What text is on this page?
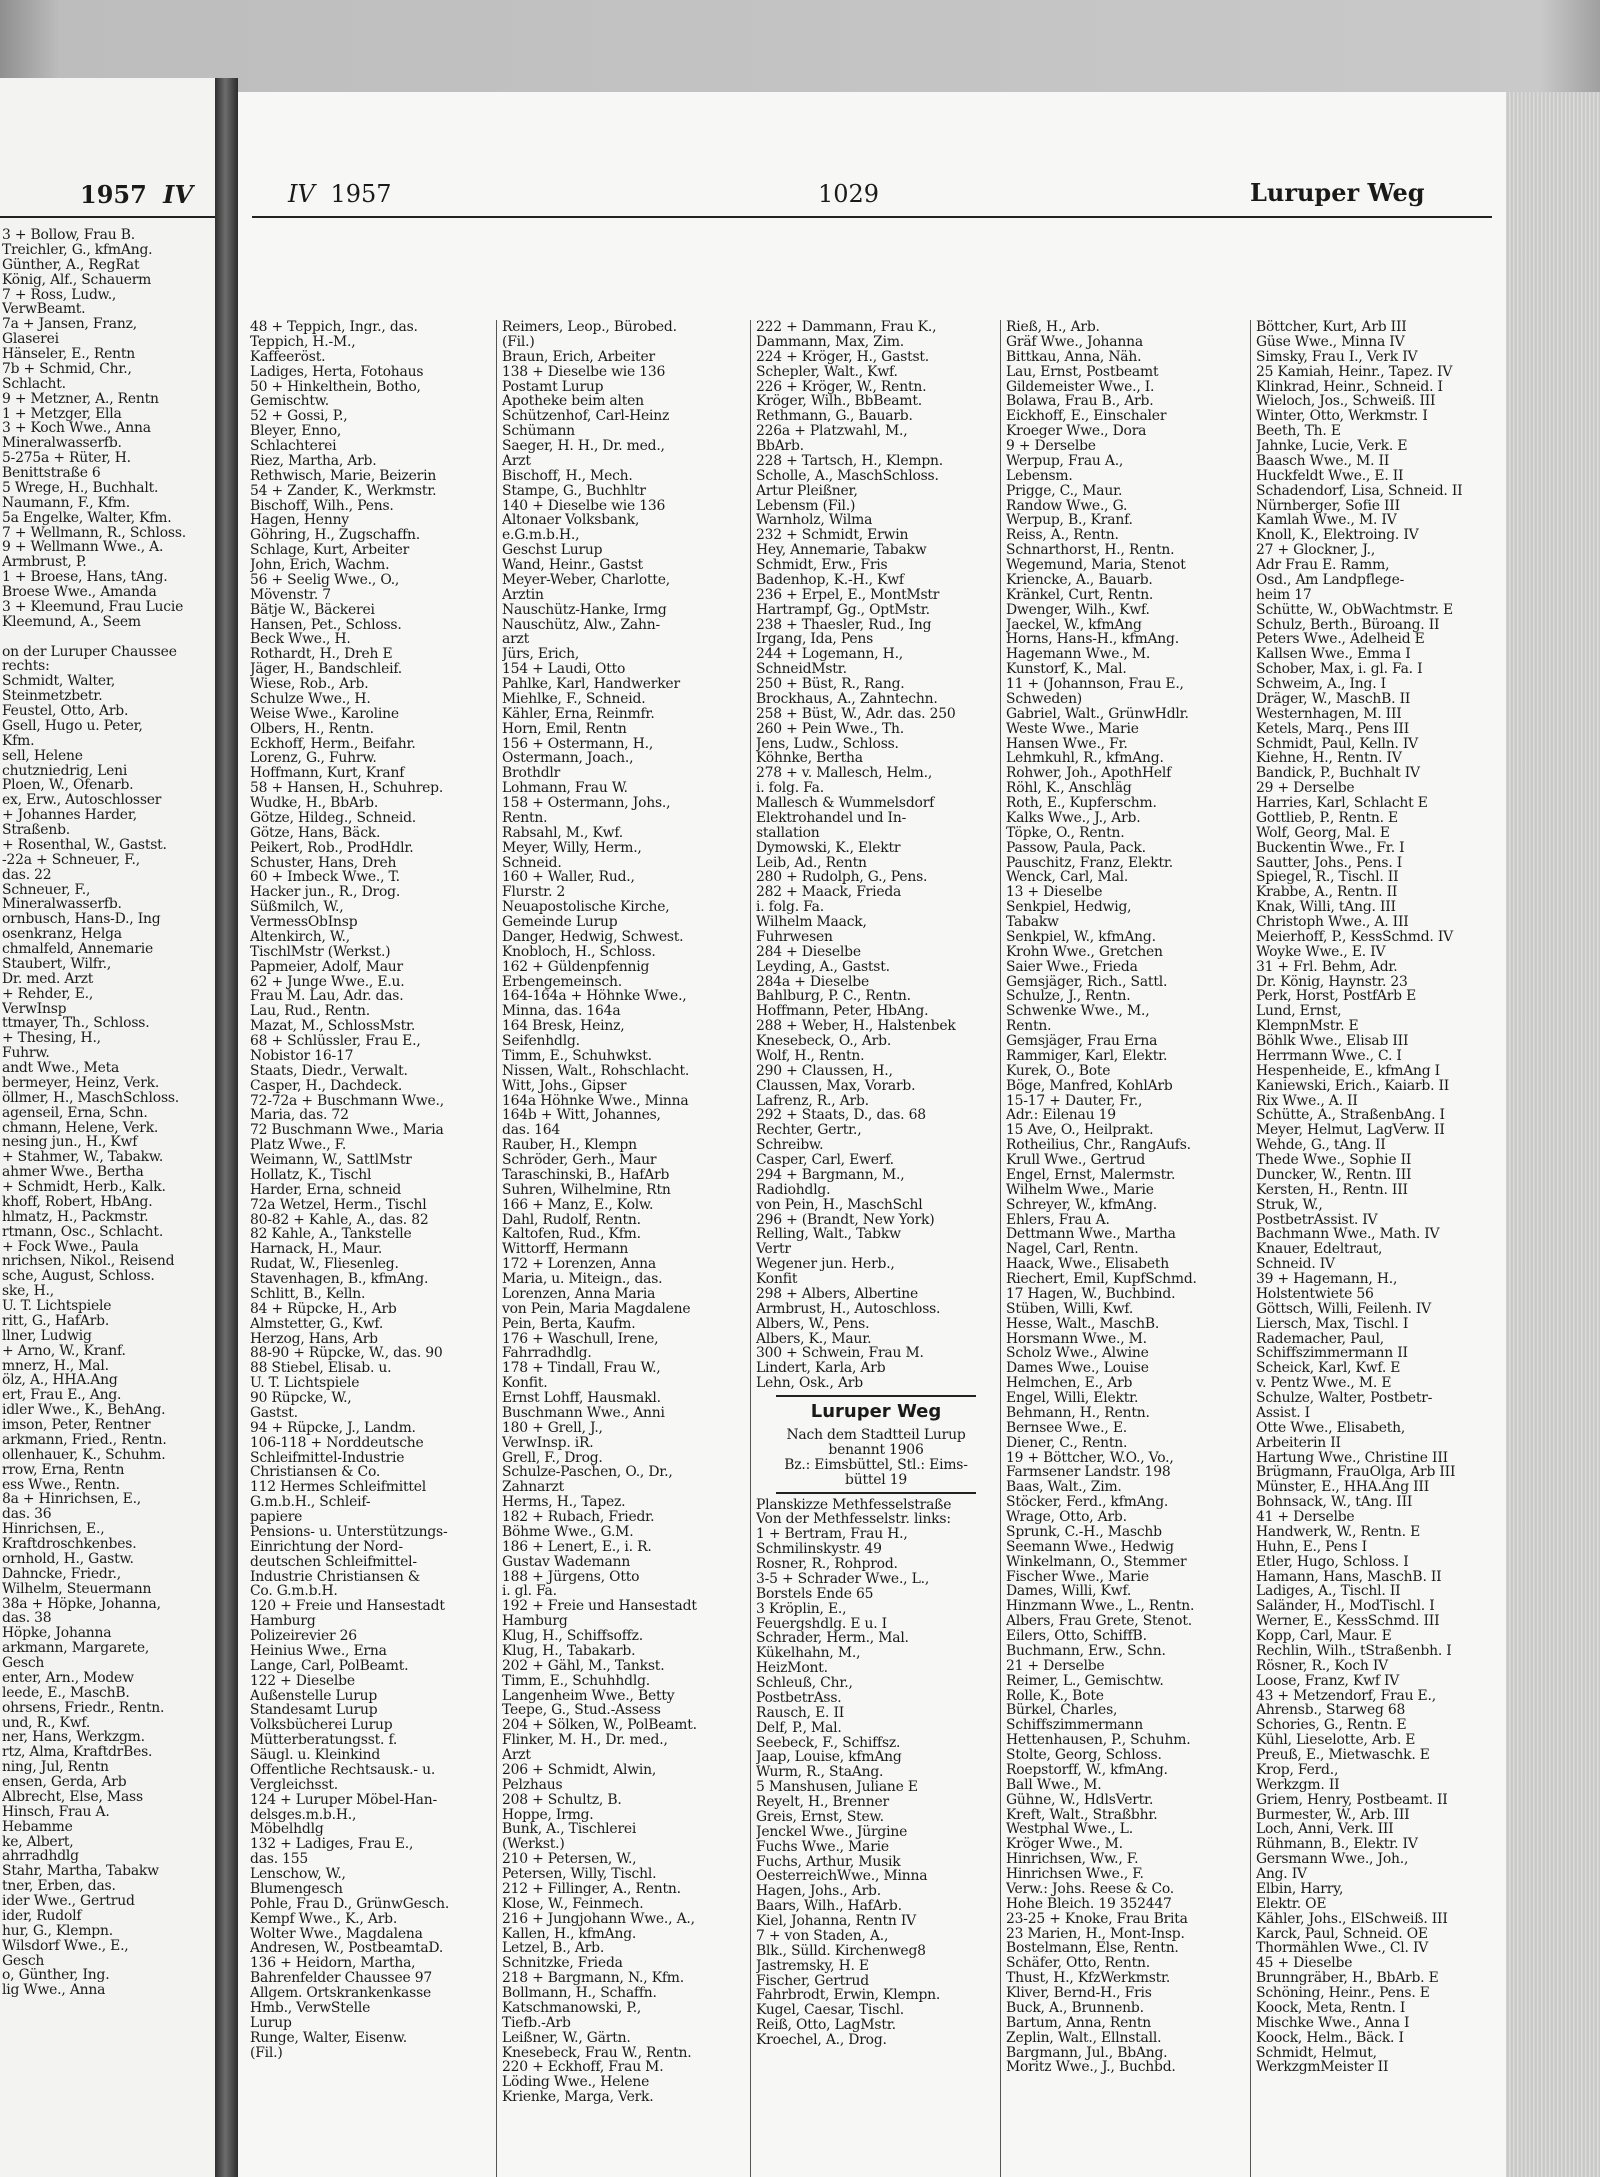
1957 IV
3 + Bollow, Frau B.
Treichler, G., kfmAng.
Günther, A., RegRat
König, Alf., Schauerm
7 + Ross, Ludw.,
VerwBeamt.
7a + Jansen, Franz,
Glaserei
Hänseler, E., Rentn
7b + Schmid, Chr.,
Schlacht.
9 + Metzner, A., Rentn
1 + Metzger, Ella
3 + Koch Wwe., Anna
Mineralwasserfb.
5-275a + Rüter, H.
Benittstraße 6
5 Wrege, H., Buchhalt.
Naumann, F., Kfm.
5a Engelke, Walter, Kfm.
7 + Wellmann, R., Schloss.
9 + Wellmann Wwe., A.
Armbrust, P.
1 + Broese, Hans, tAng.
Broese Wwe., Amanda
3 + Kleemund, Frau Lucie
Kleemund, A., Seem
on der Luruper Chaussee
rechts:
Schmidt, Walter,
Steinmetzbetr.
Feustel, Otto, Arb.
Gsell, Hugo u. Peter,
Kfm.
sell, Helene
chutzniedrig, Leni
Ploen, W., Ofenarb.
ex, Erw., Autoschlosser
+ Johannes Harder,
Straßenb.
+ Rosenthal, W., Gastst.
-22a + Schneuer, F.,
das. 22
Schneuer, F.,
Mineralwasserfb.
ornbusch, Hans-D., Ing
osenkranz, Helga
chmalfeld, Annemarie
Staubert, Wilfr.,
Dr. med. Arzt
+ Rehder, E.,
VerwInsp
ttmayer, Th., Schloss.
+ Thesing, H.,
Fuhrw.
andt Wwe., Meta
bermeyer, Heinz, Verk.
öllmer, H., MaschSchloss.
agenseil, Erna, Schn.
chmann, Helene, Verk.
nesing jun., H., Kwf
+ Stahmer, W., Tabakw.
ahmer Wwe., Bertha
+ Schmidt, Herb., Kalk.
khoff, Robert, HbAng.
hlmatz, H., Packmstr.
rtmann, Osc., Schlacht.
+ Fock Wwe., Paula
nrichsen, Nikol., Reisend
sche, August, Schloss.
ske, H.,
U. T. Lichtspiele
ritt, G., HafArb.
llner, Ludwig
+ Arno, W., Kranf.
mnerz, H., Mal.
ölz, A., HHA.Ang
ert, Frau E., Ang.
idler Wwe., K., BehAng.
imson, Peter, Rentner
arkmann, Fried., Rentn.
ollenhauer, K., Schuhm.
rrow, Erna, Rentn
ess Wwe., Rentn.
8a + Hinrichsen, E.,
das. 36
Hinrichsen, E.,
Kraftdroschkenbes.
ornhold, H., Gastw.
Dahncke, Friedr.,
Wilhelm, Steuermann
38a + Höpke, Johanna,
das. 38
Höpke, Johanna
arkmann, Margarete,
Gesch
enter, Arn., Modew
leede, E., MaschB.
ohrsens, Friedr., Rentn.
und, R., Kwf.
ner, Hans, Werkzgm.
rtz, Alma, KraftdrBes.
ning, Jul, Rentn
ensen, Gerda, Arb
Albrecht, Else, Mass
Hinsch, Frau A.
Hebamme
ke, Albert,
ahrradhdlg
Stahr, Martha, Tabakw
tner, Erben, das.
ider Wwe., Gertrud
ider, Rudolf
hur, G., Klempn.
Wilsdorf Wwe., E.,
Gesch
o, Günther, Ing.
lig Wwe., Anna
IV 1957	1029	Luruper Weg
48 + Teppich, Ingr., das.
Teppich, H.-M.,
Kaffeeröst.
Ladiges, Herta, Fotohaus
50 + Hinkelthein, Botho,
Gemischtw.
52 + Gossi, P.,
Bleyer, Enno,
Schlachterei
Riez, Martha, Arb.
Rethwisch, Marie, Beizerin
54 + Zander, K., Werkmstr.
Bischoff, Wilh., Pens.
Hagen, Henny
Göhring, H., Zugschaffn.
Schlage, Kurt, Arbeiter
John, Erich, Wachm.
56 + Seelig Wwe., O.,
Mövenstr. 7
Bätje W., Bäckerei
Hansen, Pet., Schloss.
Beck Wwe., H.
Rothardt, H., Dreh E
Jäger, H., Bandschleif.
Wiese, Rob., Arb.
Schulze Wwe., H.
Weise Wwe., Karoline
Olbers, H., Rentn.
Eckhoff, Herm., Beifahr.
Lorenz, G., Fuhrw.
Hoffmann, Kurt, Kranf
58 + Hansen, H., Schuhrep.
Wudke, H., BbArb.
Götze, Hildeg., Schneid.
Götze, Hans, Bäck.
Peikert, Rob., ProdHdlr.
Schuster, Hans, Dreh
60 + Imbeck Wwe., T.
Hacker jun., R., Drog.
Süßmilch, W.,
VermessObInsp
Altenkirch, W.,
TischlMstr (Werkst.)
Papmeier, Adolf, Maur
62 + Junge Wwe., E.u.
Frau M. Lau, Adr. das.
Lau, Rud., Rentn.
Mazat, M., SchlossMstr.
68 + Schlüssler, Frau E.,
Nobistor 16-17
Staats, Diedr., Verwalt.
Casper, H., Dachdeck.
72-72a + Buschmann Wwe.,
Maria, das. 72
72 Buschmann Wwe., Maria
Platz Wwe., F.
Weimann, W., SattlMstr
Hollatz, K., Tischl
Harder, Erna, schneid
72a Wetzel, Herm., Tischl
80-82 + Kahle, A., das. 82
82 Kahle, A., Tankstelle
Harnack, H., Maur.
Rudat, W., Fliesenleg.
Stavenhagen, B., kfmAng.
Schlitt, B., Kelln.
84 + Rüpcke, H., Arb
Almstetter, G., Kwf.
Herzog, Hans, Arb
88-90 + Rüpcke, W., das. 90
88 Stiebel, Elisab. u.
U. T. Lichtspiele
90 Rüpcke, W.,
Gastst.
94 + Rüpcke, J., Landm.
106-118 + Norddeutsche
Schleifmittel-Industrie
Christiansen & Co.
112 Hermes Schleifmittel
G.m.b.H., Schleif-
papiere
Pensions- u. Unterstützungs-
Einrichtung der Nord-
deutschen Schleifmittel-
Industrie Christiansen &
Co. G.m.b.H.
120 + Freie und Hansestadt
Hamburg
Polizeirevier 26
Heinius Wwe., Erna
Lange, Carl, PolBeamt.
122 + Dieselbe
Außenstelle Lurup
Standesamt Lurup
Volksbücherei Lurup
Mütterberatungsst. f.
Säugl. u. Kleinkind
Öffentliche Rechtsausk.- u.
Vergleichsst.
124 + Luruper Möbel-Han-
delsges.m.b.H.,
Möbelhdlg
132 + Ladiges, Frau E.,
das. 155
Lenschow, W.,
Blumengesch
Pohle, Frau D., GrünwGesch.
Kempf Wwe., K., Arb.
Wolter Wwe., Magdalena
Andresen, W., PostbeamtaD.
136 + Heidorn, Martha,
Bahrenfelder Chaussee 97
Allgem. Ortskrankenkasse
Hmb., VerwStelle
Lurup
Runge, Walter, Eisenw.
(Fil.)
Reimers, Leop., Bürobed.
(Fil.)
Braun, Erich, Arbeiter
138 + Dieselbe wie 136
Postamt Lurup
Apotheke beim alten
Schützenhof, Carl-Heinz
Schümann
Saeger, H. H., Dr. med.,
Arzt
Bischoff, H., Mech.
Stampe, G., Buchhltr
140 + Dieselbe wie 136
Altonaer Volksbank,
e.G.m.b.H.,
Geschst Lurup
Wand, Heinr., Gastst
Meyer-Weber, Charlotte,
Arztin
Nauschütz-Hanke, Irmg
Nauschütz, Alw., Zahn-
arzt
Jürs, Erich,
154 + Laudi, Otto
Pahlke, Karl, Handwerker
Miehlke, F., Schneid.
Kähler, Erna, Reinmfr.
Horn, Emil, Rentn
156 + Ostermann, H.,
Ostermann, Joach.,
Brothdlr
Lohmann, Frau W.
158 + Ostermann, Johs.,
Rentn.
Rabsahl, M., Kwf.
Meyer, Willy, Herm.,
Schneid.
160 + Waller, Rud.,
Flurstr. 2
Neuapostolische Kirche,
Gemeinde Lurup
Danger, Hedwig, Schwest.
Knobloch, H., Schloss.
162 + Güldenpfennig
Erbengemeinsch.
164-164a + Höhnke Wwe.,
Minna, das. 164a
164 Bresk, Heinz,
Seifenhdlg.
Timm, E., Schuhwkst.
Nissen, Walt., Rohschlacht.
Witt, Johs., Gipser
164a Höhnke Wwe., Minna
164b + Witt, Johannes,
das. 164
Rauber, H., Klempn
Schröder, Gerh., Maur
Taraschinski, B., HafArb
Suhren, Wilhelmine, Rtn
166 + Manz, E., Kolw.
Dahl, Rudolf, Rentn.
Kaltofen, Rud., Kfm.
Wittorff, Hermann
172 + Lorenzen, Anna
Maria, u. Miteign., das.
Lorenzen, Anna Maria
von Pein, Maria Magdalene
Pein, Berta, Kaufm.
176 + Waschull, Irene,
Fahrradhdlg.
178 + Tindall, Frau W.,
Konfit.
Ernst Lohff, Hausmakl.
Buschmann Wwe., Anni
180 + Grell, J.,
VerwInsp. iR.
Grell, F., Drog.
Schulze-Paschen, O., Dr.,
Zahnarzt
Herms, H., Tapez.
182 + Rubach, Friedr.
Böhme Wwe., G.M.
186 + Lenert, E., i. R.
Gustav Wademann
188 + Jürgens, Otto
i. gl. Fa.
192 + Freie und Hansestadt
Hamburg
Klug, H., Schiffsoffz.
Klug, H., Tabakarb.
202 + Gähl, M., Tankst.
Timm, E., Schuhhdlg.
Langenheim Wwe., Betty
Teepe, G., Stud.-Assess
204 + Sölken, W., PolBeamt.
Flinker, M. H., Dr. med.,
Arzt
206 + Schmidt, Alwin,
Pelzhaus
208 + Schultz, B.
Hoppe, Irmg.
Bunk, A., Tischlerei
(Werkst.)
210 + Petersen, W.,
Petersen, Willy, Tischl.
212 + Fillinger, A., Rentn.
Klose, W., Feinmech.
216 + Jungjohann Wwe., A.,
Kallen, H., kfmAng.
Letzel, B., Arb.
Schnitzke, Frieda
218 + Bargmann, N., Kfm.
Bollmann, H., Schaffn.
Katschmanowski, P.,
Tiefb.-Arb
Leißner, W., Gärtn.
Knesebeck, Frau W., Rentn.
220 + Eckhoff, Frau M.
Löding Wwe., Helene
Krienke, Marga, Verk.
222 + Dammann, Frau K.,
Dammann, Max, Zim.
224 + Kröger, H., Gastst.
Schepler, Walt., Kwf.
226 + Kröger, W., Rentn.
Kröger, Wilh., BbBeamt.
Rethmann, G., Bauarb.
226a + Platzwahl, M.,
BbArb.
228 + Tartsch, H., Klempn.
Scholle, A., MaschSchloss.
Artur Pleißner,
Lebensm (Fil.)
Warnholz, Wilma
232 + Schmidt, Erwin
Hey, Annemarie, Tabakw
Schmidt, Erw., Fris
Badenhop, K.-H., Kwf
236 + Erpel, E., MontMstr
Hartrampf, Gg., OptMstr.
238 + Thaesler, Rud., Ing
Irgang, Ida, Pens
244 + Logemann, H.,
SchneidMstr.
250 + Büst, R., Rang.
Brockhaus, A., Zahntechn.
258 + Büst, W., Adr. das. 250
260 + Pein Wwe., Th.
Jens, Ludw., Schloss.
Köhnke, Bertha
278 + v. Mallesch, Helm.,
i. folg. Fa.
Mallesch & Wummelsdorf
Elektrohandel und In-
stallation
Dymowski, K., Elektr
Leib, Ad., Rentn
280 + Rudolph, G., Pens.
282 + Maack, Frieda
i. folg. Fa.
Wilhelm Maack,
Fuhrwesen
284 + Dieselbe
Leyding, A., Gastst.
284a + Dieselbe
Bahlburg, P. C., Rentn.
Hoffmann, Peter, HbAng.
288 + Weber, H., Halstenbek
Knesebeck, O., Arb.
Wolf, H., Rentn.
290 + Claussen, H.,
Claussen, Max, Vorarb.
Lafrenz, R., Arb.
292 + Staats, D., das. 68
Rechter, Gertr.,
Schreibw.
Casper, Carl, Ewerf.
294 + Bargmann, M.,
Radiohdlg.
von Pein, H., MaschSchl
296 + (Brandt, New York)
Relling, Walt., Tabkw
Vertr
Wegener jun. Herb.,
Konfit
298 + Albers, Albertine
Armbrust, H., Autoschloss.
Albers, W., Pens.
Albers, K., Maur.
300 + Schwein, Frau M.
Lindert, Karla, Arb
Lehn, Osk., Arb
Luruper Weg
Nach dem Stadtteil Lurup
benannt 1906
Bz.: Eimsbüttel, Stl.: Eims-
büttel 19
Planskizze Methfesselstraße
Von der Methfesselstr. links:
1 + Bertram, Frau H.,
Schmilinskystr. 49
Rosner, R., Rohprod.
3-5 + Schrader Wwe., L.,
Borstels Ende 65
3 Kröplin, E.,
Feuergshdlg. E u. I
Schrader, Herm., Mal.
Kükelhahn, M.,
HeizMont.
Schleuß, Chr.,
PostbetrAss.
Rausch, E. II
Delf, P., Mal.
Seebeck, F., Schiffsz.
Jaap, Louise, kfmAng
Wurm, R., StaAng.
5 Manshusen, Juliane E
Reyelt, H., Brenner
Greis, Ernst, Stew.
Jenckel Wwe., Jürgine
Fuchs Wwe., Marie
Fuchs, Arthur, Musik
OesterreichWwe., Minna
Hagen, Johs., Arb.
Baars, Wilh., HafArb.
Kiel, Johanna, Rentn IV
7 + von Staden, A.,
Blk., Sülld. Kirchenweg8
Jastremsky, H. E
Fischer, Gertrud
Fahrbrodt, Erwin, Klempn.
Kugel, Caesar, Tischl.
Reiß, Otto, LagMstr.
Kroechel, A., Drog.
Rieß, H., Arb.
Gräf Wwe., Johanna
Bittkau, Anna, Näh.
Lau, Ernst, Postbeamt
Gildemeister Wwe., I.
Bolawa, Frau B., Arb.
Eickhoff, E., Einschaler
Kroeger Wwe., Dora
9 + Derselbe
Werpup, Frau A.,
Lebensm.
Prigge, C., Maur.
Randow Wwe., G.
Werpup, B., Kranf.
Reiss, A., Rentn.
Schnarthorst, H., Rentn.
Wegemund, Maria, Stenot
Kriencke, A., Bauarb.
Kränkel, Curt, Rentn.
Dwenger, Wilh., Kwf.
Jaeckel, W., kfmAng
Horns, Hans-H., kfmAng.
Hagemann Wwe., M.
Kunstorf, K., Mal.
11 + (Johannson, Frau E.,
Schweden)
Gabriel, Walt., GrünwHdlr.
Weste Wwe., Marie
Hansen Wwe., Fr.
Lehmkuhl, R., kfmAng.
Rohwer, Joh., ApothHelf
Röhl, K., Anschläg
Roth, E., Kupferschm.
Kalks Wwe., J., Arb.
Töpke, O., Rentn.
Passow, Paula, Pack.
Pauschitz, Franz, Elektr.
Wenck, Carl, Mal.
13 + Dieselbe
Senkpiel, Hedwig,
Tabakw
Senkpiel, W., kfmAng.
Krohn Wwe., Gretchen
Saier Wwe., Frieda
Gemsjäger, Rich., Sattl.
Schulze, J., Rentn.
Schwenke Wwe., M.,
Rentn.
Gemsjäger, Frau Erna
Rammiger, Karl, Elektr.
Kurek, O., Bote
Böge, Manfred, KohlArb
15-17 + Dauter, Fr.,
Adr.: Eilenau 19
15 Ave, O., Heilprakt.
Rotheilius, Chr., RangAufs.
Krull Wwe., Gertrud
Engel, Ernst, Malermstr.
Wilhelm Wwe., Marie
Schreyer, W., kfmAng.
Ehlers, Frau A.
Dettmann Wwe., Martha
Nagel, Carl, Rentn.
Haack, Wwe., Elisabeth
Riechert, Emil, KupfSchmd.
17 Hagen, W., Buchbind.
Stüben, Willi, Kwf.
Hesse, Walt., MaschB.
Horsmann Wwe., M.
Scholz Wwe., Alwine
Dames Wwe., Louise
Helmchen, E., Arb
Engel, Willi, Elektr.
Behmann, H., Rentn.
Bernsee Wwe., E.
Diener, C., Rentn.
19 + Böttcher, W.O., Vo.,
Farmsener Landstr. 198
Baas, Walt., Zim.
Stöcker, Ferd., kfmAng.
Wrage, Otto, Arb.
Sprunk, C.-H., Maschb
Seemann Wwe., Hedwig
Winkelmann, O., Stemmer
Fischer Wwe., Marie
Dames, Willi, Kwf.
Hinzmann Wwe., L., Rentn.
Albers, Frau Grete, Stenot.
Eilers, Otto, SchiffB.
Buchmann, Erw., Schn.
21 + Derselbe
Reimer, L., Gemischtw.
Rolle, K., Bote
Bürkel, Charles,
Schiffszimmermann
Hettenhausen, P., Schuhm.
Stolte, Georg, Schloss.
Roepstorff, W., kfmAng.
Ball Wwe., M.
Gühne, W., HdlsVertr.
Kreft, Walt., Straßbhr.
Westphal Wwe., L.
Kröger Wwe., M.
Hinrichsen, Ww., F.
Hinrichsen Wwe., F.
Verw.: Johs. Reese & Co.
Hohe Bleich. 19 352447
23-25 + Knoke, Frau Brita
23 Marien, H., Mont-Insp.
Bostelmann, Else, Rentn.
Schäfer, Otto, Rentn.
Thust, H., KfzWerkmstr.
Kliver, Bernd-H., Fris
Buck, A., Brunnenb.
Bartum, Anna, Rentn
Zeplin, Walt., Ellnstall.
Bargmann, Jul., BbAng.
Moritz Wwe., J., Buchbd.
Böttcher, Kurt, Arb III
Güse Wwe., Minna IV
Simsky, Frau I., Verk IV
25 Kamiah, Heinr., Tapez. IV
Klinkrad, Heinr., Schneid. I
Wieloch, Jos., Schweiß. III
Winter, Otto, Werkmstr. I
Beeth, Th. E
Jahnke, Lucie, Verk. E
Baasch Wwe., M. II
Huckfeldt Wwe., E. II
Schadendorf, Lisa, Schneid. II
Nürnberger, Sofie III
Kamlah Wwe., M. IV
Knoll, K., Elektroing. IV
27 + Glockner, J.,
Adr Frau E. Ramm,
Osd., Am Landpflege-
heim 17
Schütte, W., ObWachtmstr. E
Schulz, Berth., Büroang. II
Peters Wwe., Adelheid E
Kallsen Wwe., Emma I
Schober, Max, i. gl. Fa. I
Schweim, A., Ing. I
Dräger, W., MaschB. II
Westernhagen, M. III
Ketels, Marq., Pens III
Schmidt, Paul, Kelln. IV
Kiehne, H., Rentn. IV
Bandick, P., Buchhalt IV
29 + Derselbe
Harries, Karl, Schlacht E
Gottlieb, P., Rentn. E
Wolf, Georg, Mal. E
Buckentin Wwe., Fr. I
Sautter, Johs., Pens. I
Spiegel, R., Tischl. II
Krabbe, A., Rentn. II
Knak, Willi, tAng. III
Christoph Wwe., A. III
Meierhoff, P., KessSchmd. IV
Woyke Wwe., E. IV
31 + Frl. Behm, Adr.
Dr. König, Haynstr. 23
Perk, Horst, PostfArb E
Lund, Ernst,
KlempnMstr. E
Böhlk Wwe., Elisab III
Herrmann Wwe., C. I
Hespenheide, E., kfmAng I
Kaniewski, Erich., Kaiarb. II
Rix Wwe., A. II
Schütte, A., StraßenbAng. I
Meyer, Helmut, LagVerw. II
Wehde, G., tAng. II
Thede Wwe., Sophie II
Duncker, W., Rentn. III
Kersten, H., Rentn. III
Struk, W.,
PostbetrAssist. IV
Bachmann Wwe., Math. IV
Knauer, Edeltraut,
Schneid. IV
39 + Hagemann, H.,
Holstentwiete 56
Göttsch, Willi, Feilenh. IV
Liersch, Max, Tischl. I
Rademacher, Paul,
Schiffszimmermann II
Scheick, Karl, Kwf. E
v. Pentz Wwe., M. E
Schulze, Walter, Postbetr-
Assist. I
Otte Wwe., Elisabeth,
Arbeiterin II
Hartung Wwe., Christine III
Brügmann, FrauOlga, Arb III
Münster, E., HHA.Ang III
Bohnsack, W., tAng. III
41 + Derselbe
Handwerk, W., Rentn. E
Huhn, E., Pens I
Etler, Hugo, Schloss. I
Hamann, Hans, MaschB. II
Ladiges, A., Tischl. II
Saländer, H., ModTischl. I
Werner, E., KessSchmd. III
Kopp, Carl, Maur. E
Rechlin, Wilh., tStraßenbh. I
Rösner, R., Koch IV
Loose, Franz, Kwf IV
43 + Metzendorf, Frau E.,
Ahrensb., Starweg 68
Schories, G., Rentn. E
Kühl, Lieselotte, Arb. E
Preuß, E., Mietwaschk. E
Krop, Ferd.,
Werkzgm. II
Griem, Henry, Postbeamt. II
Burmester, W., Arb. III
Loch, Anni, Verk. III
Rühmann, B., Elektr. IV
Gersmann Wwe., Joh.,
Ang. IV
Elbin, Harry,
Elektr. OE
Kähler, Johs., ElSchweiß. III
Karck, Paul, Schneid. OE
Thormählen Wwe., Cl. IV
45 + Dieselbe
Brunngräber, H., BbArb. E
Schöning, Heinr., Pens. E
Koock, Meta, Rentn. I
Mischke Wwe., Anna I
Koock, Helm., Bäck. I
Schmidt, Helmut,
WerkzgmMeister II
